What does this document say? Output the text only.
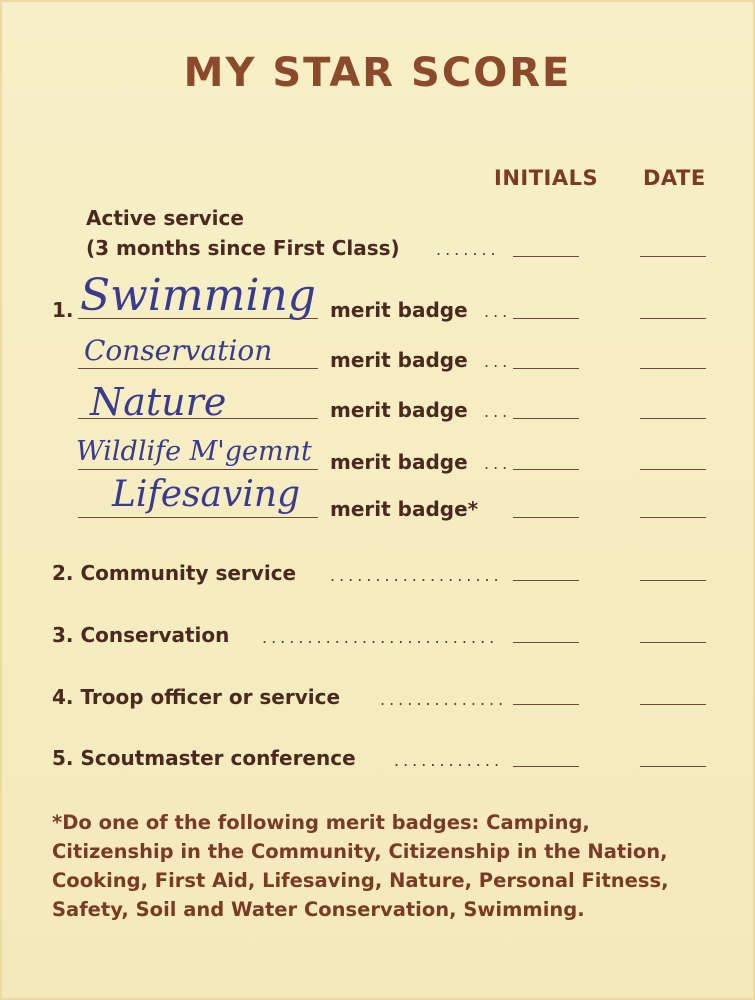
MY STAR SCORE
INITIALS DATE
Active service
(3 months since First Class) .......
1. Swimming merit badge ...
Conservation	merit badge ...
Nature	merit badge ...
Wildlife M'gemnt merit badge ...
Lifesaving merit badge*
2. Community service ...................
3. Conservation ..........................
4. Troop officer or service ..............
5. Scoutmaster conference ............
*Do one of the following merit badges: Camping, Citizenship in the Community, Citizenship in the Nation, Cooking, First Aid, Lifesaving, Nature, Personal Fitness, Safety, Soil and Water Conservation, Swimming.
